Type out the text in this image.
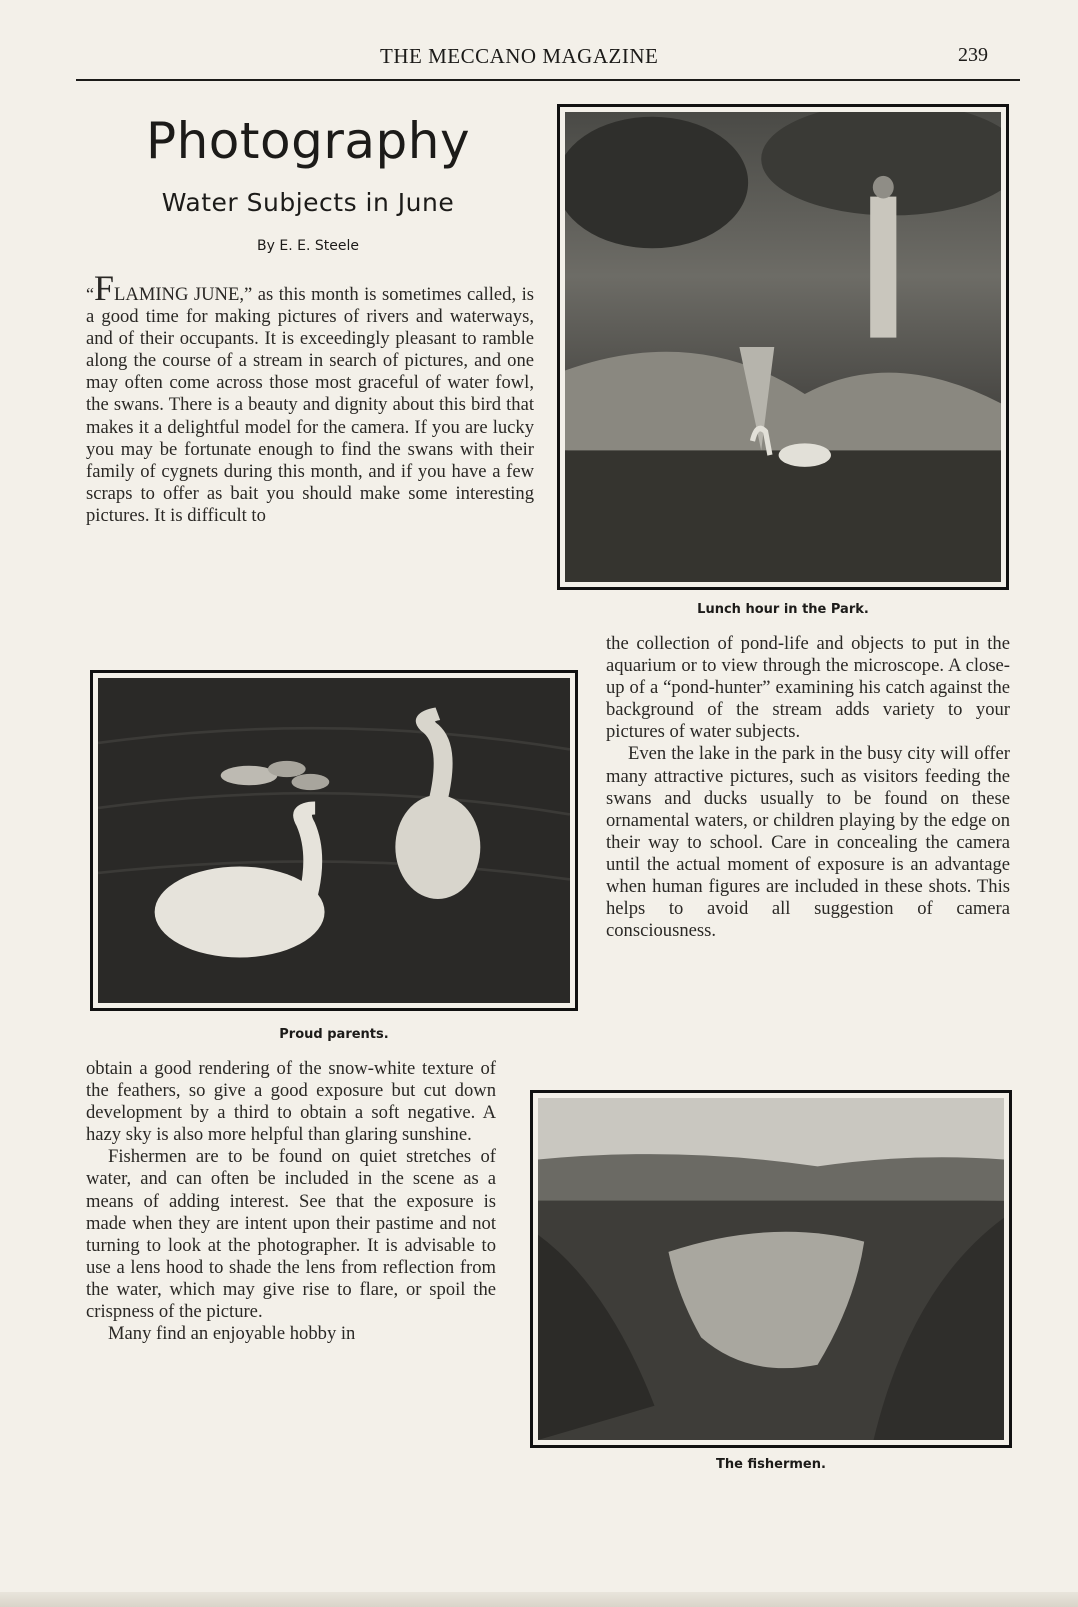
THE MECCANO MAGAZINE	239
Photography
Water Subjects in June
By E. E. Steele
“FLAMING JUNE,” as this month is sometimes called, is a good time for making pictures of rivers and waterways, and of their occupants. It is exceedingly pleasant to ramble along the course of a stream in search of pictures, and one may often come across those most graceful of water fowl, the swans. There is a beauty and dignity about this bird that makes it a delightful model for the camera. If you are lucky you may be fortunate enough to find the swans with their family of cygnets during this month, and if you have a few scraps to offer as bait you should make some interesting pictures. It is difficult to
Lunch hour in the Park.
Proud parents.

obtain a good rendering of the snow-white texture of the feathers, so give a good exposure but cut down development by a third to obtain a soft negative. A hazy sky is also more helpful than glaring sunshine.

Fishermen are to be found on quiet stretches of water, and can often be included in the scene as a means of adding interest. See that the exposure is made when they are intent upon their pastime and not turning to look at the photographer. It is advisable to use a lens hood to shade the lens from reflection from the water, which may give rise to flare, or spoil the crispness of the picture.

Many find an enjoyable hobby in

the collection of pond-life and objects to put in the aquarium or to view through the microscope. A close-up of a “pond-hunter” examining his catch against the background of the stream adds variety to your pictures of water subjects.

Even the lake in the park in the busy city will offer many attractive pictures, such as visitors feeding the swans and ducks usually to be found on these ornamental waters, or children playing by the edge on their way to school. Care in concealing the camera until the actual moment of exposure is an advantage when human figures are included in these shots. This helps to avoid all suggestion of camera consciousness.

The fishermen.
